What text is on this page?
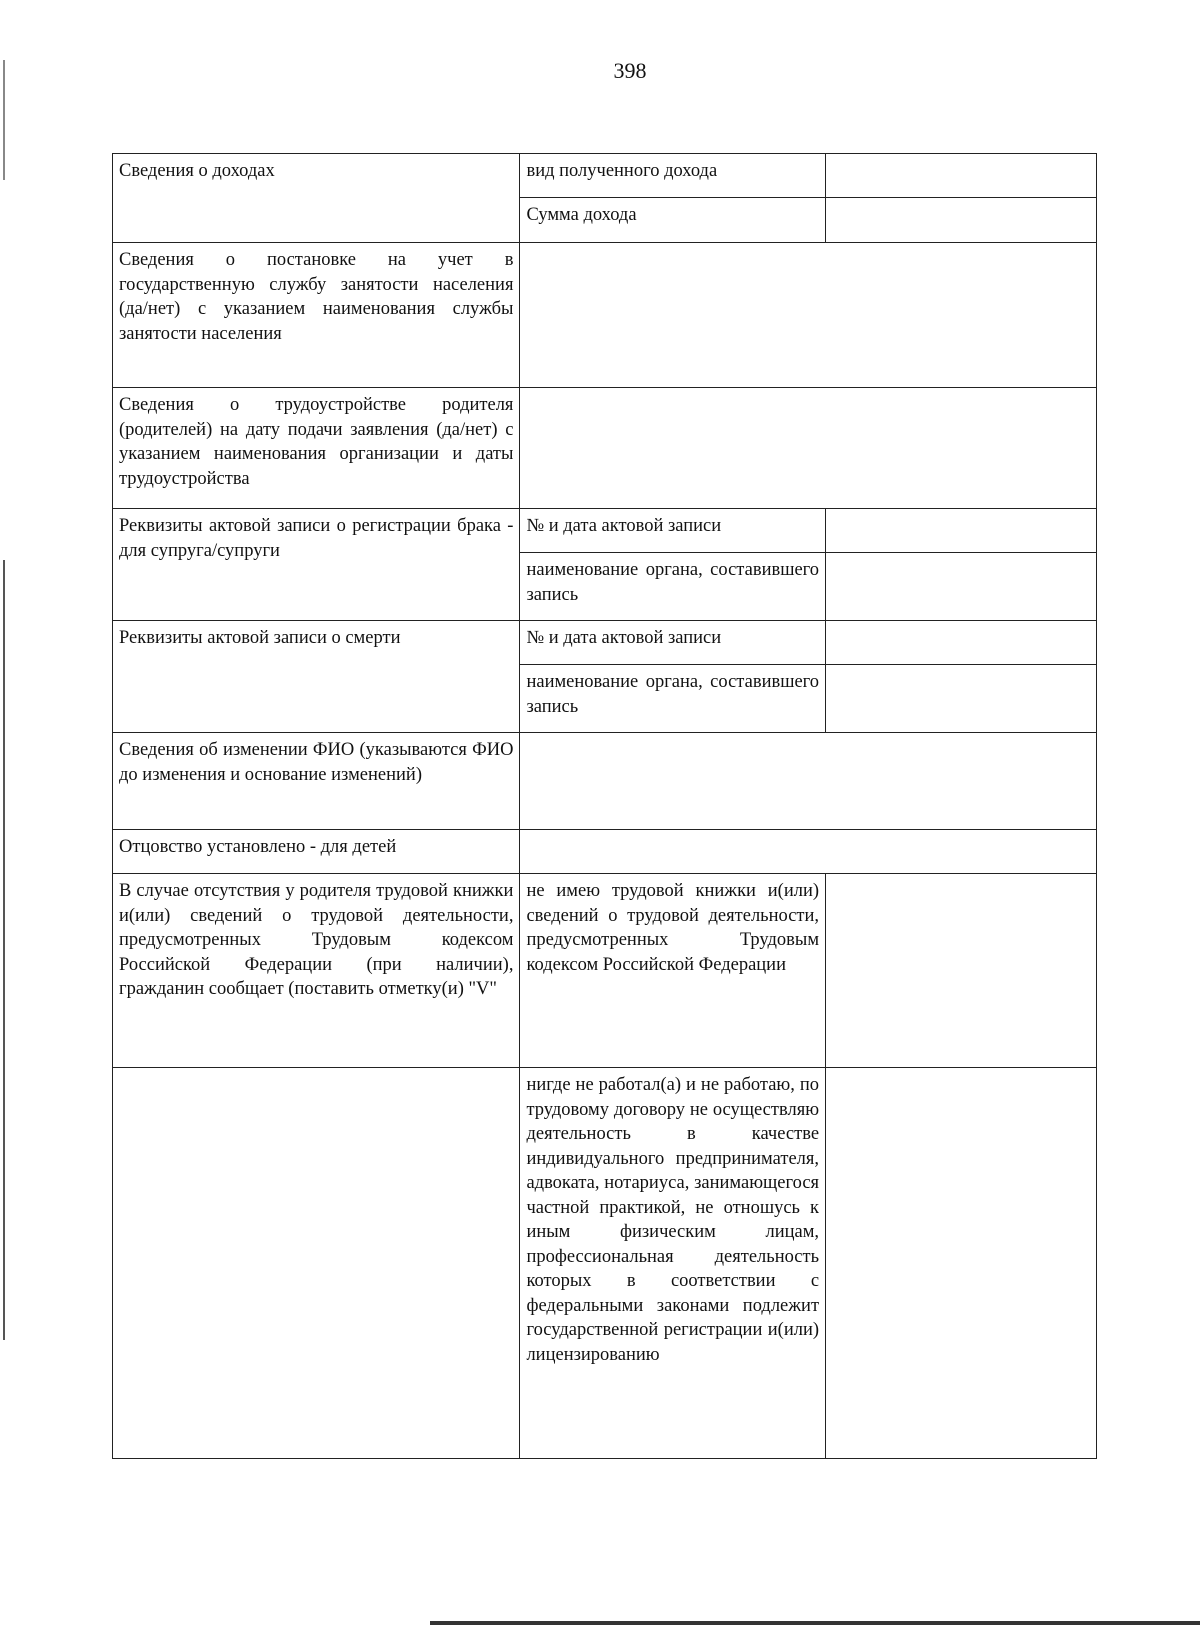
398
Сведения о доходах	вид полученного дохода	
	Сумма дохода	
Сведения о постановке на учет в государственную службу занятости населения (да/нет) с указанием наименования службы занятости населения		
Сведения о трудоустройстве родителя (родителей) на дату подачи заявления (да/нет) с указанием наименования организации и даты трудоустройства		
Реквизиты актовой записи о регистрации брака - для супруга/супруги	№ и дата актовой записи	
	наименование органа, составившего запись	
Реквизиты актовой записи о смерти	№ и дата актовой записи	
	наименование органа, составившего запись	
Сведения об изменении ФИО (указываются ФИО до изменения и основание изменений)		
Отцовство установлено - для детей		
В случае отсутствия у родителя трудовой книжки и(или) сведений о трудовой деятельности, предусмотренных Трудовым кодексом Российской Федерации (при наличии), гражданин сообщает (поставить отметку(и) "V"	не имею трудовой книжки и(или) сведений о трудовой деятельности, предусмотренных Трудовым кодексом Российской Федерации	
	нигде не работал(а) и не работаю, по трудовому договору не осуществляю деятельность в качестве индивидуального предпринимателя, адвоката, нотариуса, занимающегося частной практикой, не отношусь к иным физическим лицам, профессиональная деятельность которых в соответствии с федеральными законами подлежит государственной регистрации и(или) лицензированию	
